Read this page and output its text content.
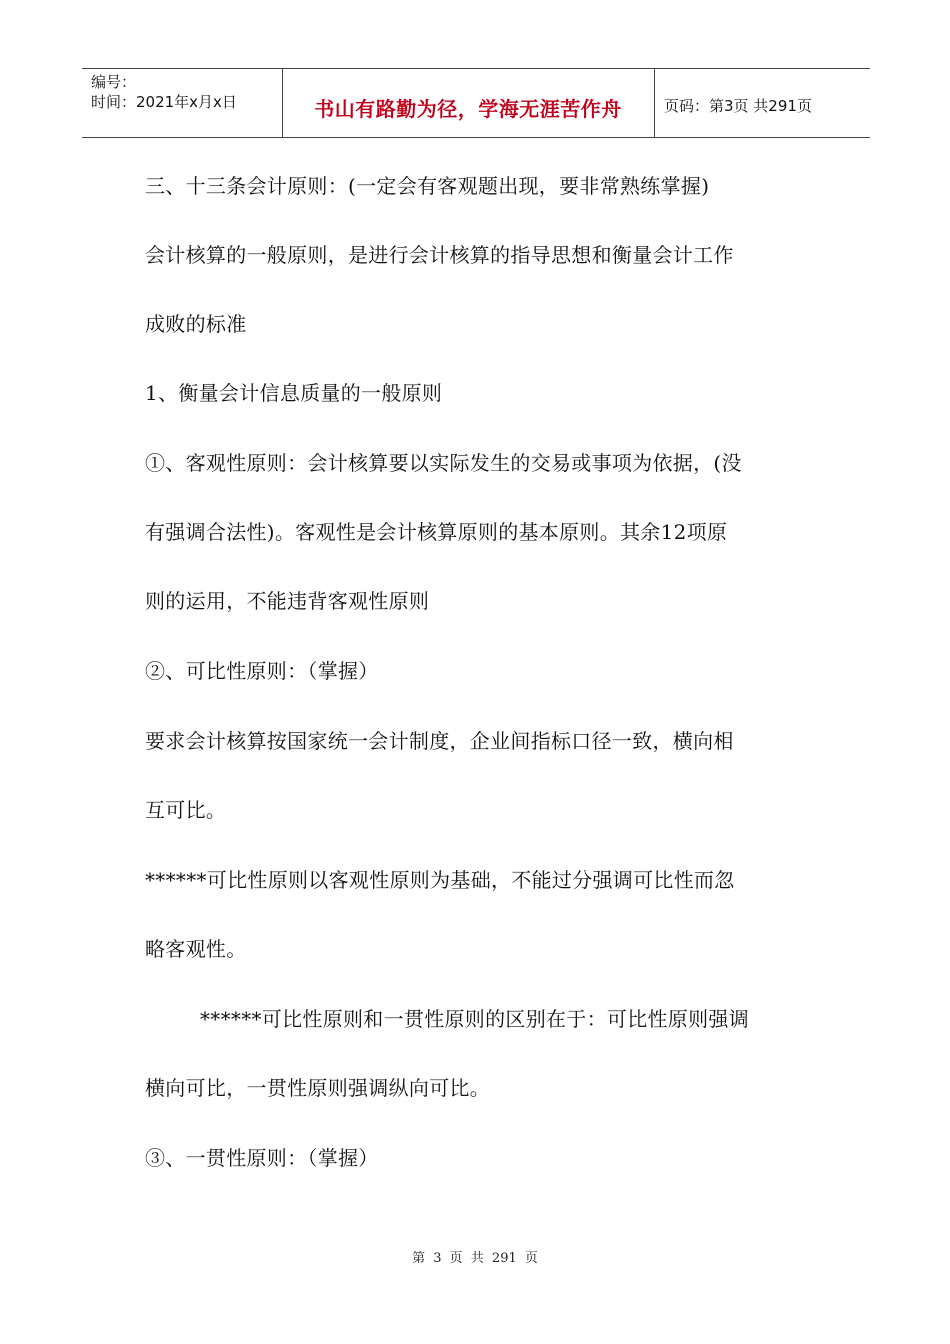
编号：
时间：2021年x月x日	书山有路勤为径，学海无涯苦作舟	页码：第3页 共291页
三、十三条会计原则：(一定会有客观题出现，要非常熟练掌握)
会计核算的一般原则，是进行会计核算的指导思想和衡量会计工作
成败的标准
1、衡量会计信息质量的一般原则
①、客观性原则：会计核算要以实际发生的交易或事项为依据，(没
有强调合法性)。客观性是会计核算原则的基本原则。其余12项原
则的运用，不能违背客观性原则
②、可比性原则：（掌握）
要求会计核算按国家统一会计制度，企业间指标口径一致，横向相
互可比。
******可比性原则以客观性原则为基础，不能过分强调可比性而忽
略客观性。
******可比性原则和一贯性原则的区别在于：可比性原则强调
横向可比，一贯性原则强调纵向可比。
③、一贯性原则：（掌握）
第 3 页 共 291 页
